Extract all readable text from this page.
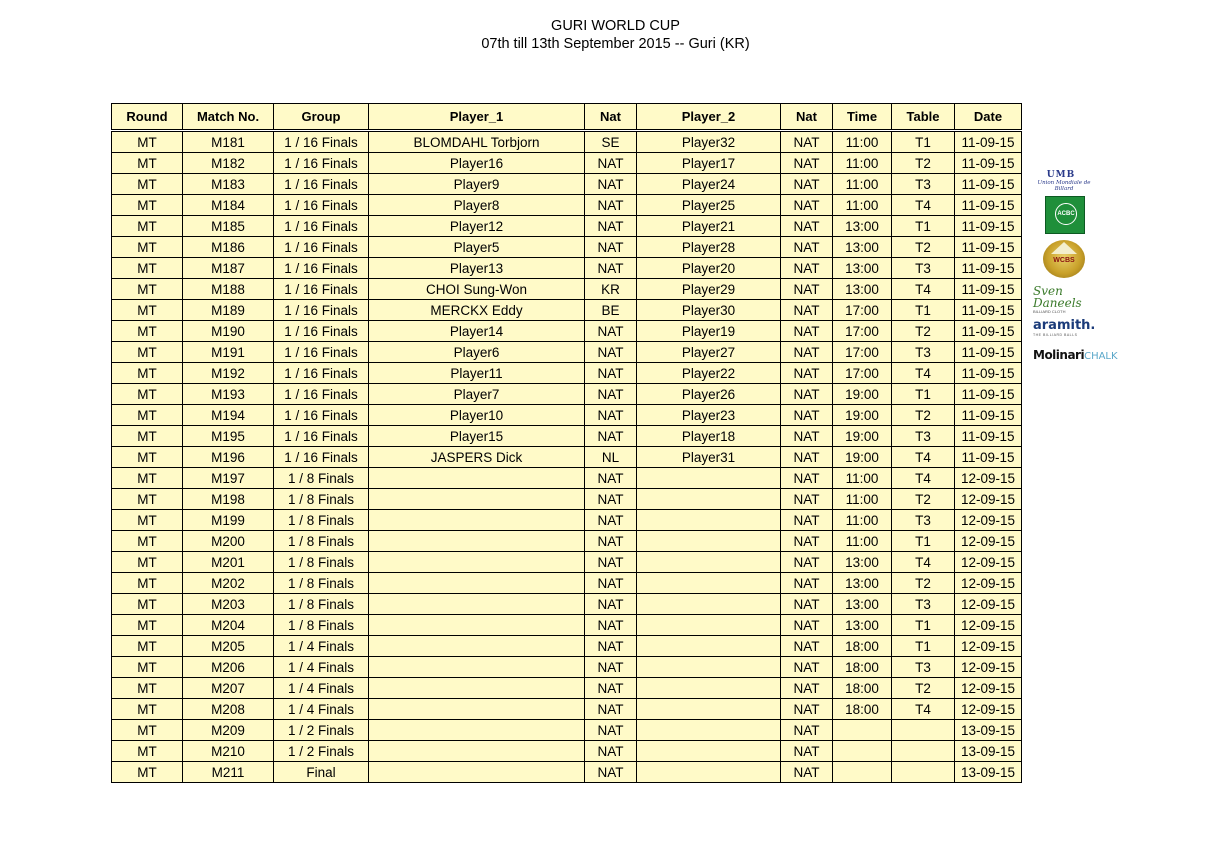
GURI WORLD CUP
07th till 13th September 2015 -- Guri (KR)
Round	Match No.	Group	Player_1	Nat	Player_2	Nat	Time	Table	Date
MT	M181	1 / 16 Finals	BLOMDAHL Torbjorn	SE	Player32	NAT	11:00	T1	11-09-15
MT	M182	1 / 16 Finals	Player16	NAT	Player17	NAT	11:00	T2	11-09-15
MT	M183	1 / 16 Finals	Player9	NAT	Player24	NAT	11:00	T3	11-09-15
MT	M184	1 / 16 Finals	Player8	NAT	Player25	NAT	11:00	T4	11-09-15
MT	M185	1 / 16 Finals	Player12	NAT	Player21	NAT	13:00	T1	11-09-15
MT	M186	1 / 16 Finals	Player5	NAT	Player28	NAT	13:00	T2	11-09-15
MT	M187	1 / 16 Finals	Player13	NAT	Player20	NAT	13:00	T3	11-09-15
MT	M188	1 / 16 Finals	CHOI Sung-Won	KR	Player29	NAT	13:00	T4	11-09-15
MT	M189	1 / 16 Finals	MERCKX Eddy	BE	Player30	NAT	17:00	T1	11-09-15
MT	M190	1 / 16 Finals	Player14	NAT	Player19	NAT	17:00	T2	11-09-15
MT	M191	1 / 16 Finals	Player6	NAT	Player27	NAT	17:00	T3	11-09-15
MT	M192	1 / 16 Finals	Player11	NAT	Player22	NAT	17:00	T4	11-09-15
MT	M193	1 / 16 Finals	Player7	NAT	Player26	NAT	19:00	T1	11-09-15
MT	M194	1 / 16 Finals	Player10	NAT	Player23	NAT	19:00	T2	11-09-15
MT	M195	1 / 16 Finals	Player15	NAT	Player18	NAT	19:00	T3	11-09-15
MT	M196	1 / 16 Finals	JASPERS Dick	NL	Player31	NAT	19:00	T4	11-09-15
MT	M197	1 / 8 Finals		NAT		NAT	11:00	T4	12-09-15
MT	M198	1 / 8 Finals		NAT		NAT	11:00	T2	12-09-15
MT	M199	1 / 8 Finals		NAT		NAT	11:00	T3	12-09-15
MT	M200	1 / 8 Finals		NAT		NAT	11:00	T1	12-09-15
MT	M201	1 / 8 Finals		NAT		NAT	13:00	T4	12-09-15
MT	M202	1 / 8 Finals		NAT		NAT	13:00	T2	12-09-15
MT	M203	1 / 8 Finals		NAT		NAT	13:00	T3	12-09-15
MT	M204	1 / 8 Finals		NAT		NAT	13:00	T1	12-09-15
MT	M205	1 / 4 Finals		NAT		NAT	18:00	T1	12-09-15
MT	M206	1 / 4 Finals		NAT		NAT	18:00	T3	12-09-15
MT	M207	1 / 4 Finals		NAT		NAT	18:00	T2	12-09-15
MT	M208	1 / 4 Finals		NAT		NAT	18:00	T4	12-09-15
MT	M209	1 / 2 Finals		NAT		NAT			13-09-15
MT	M210	1 / 2 Finals		NAT		NAT			13-09-15
MT	M211	Final		NAT		NAT			13-09-15
UMB
Union Mondiale de Billard
ACBC
WCBS
Sven Daneels
BILLIARD CLOTH
aramith.
THE BILLIARD BALLS
MolinariCHALK
